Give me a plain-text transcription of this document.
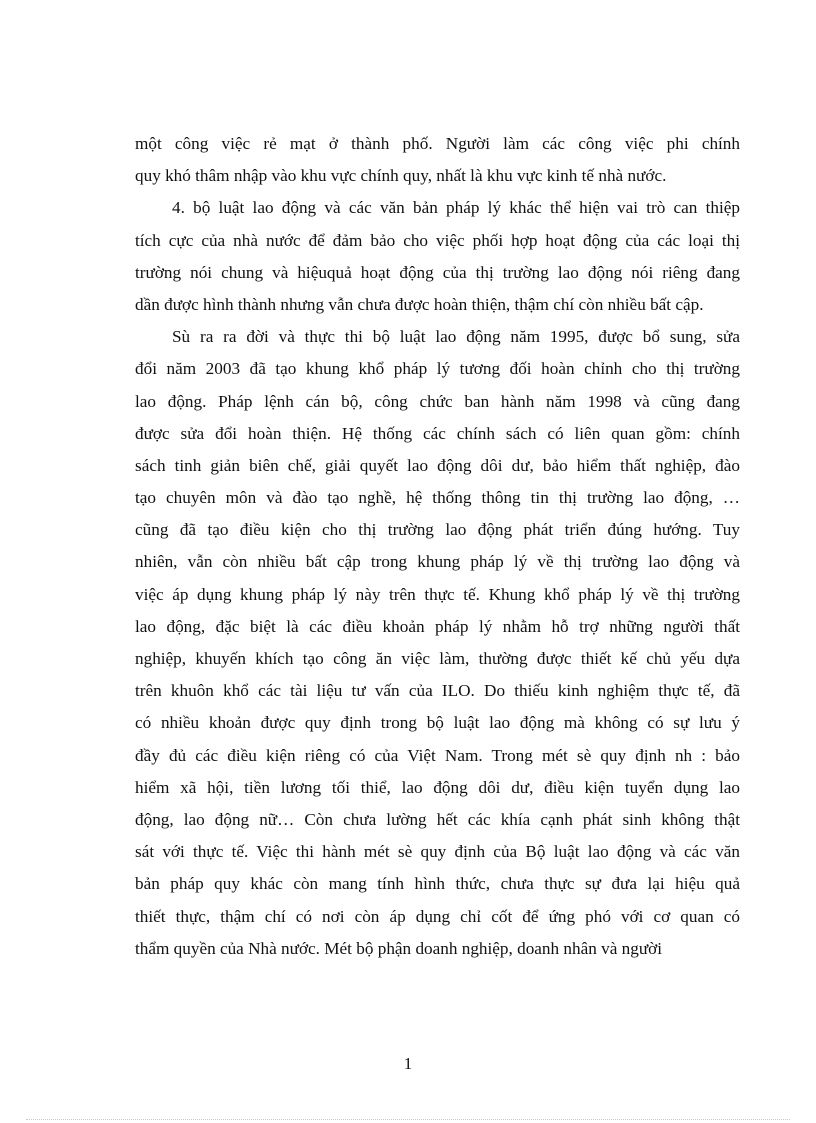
một công việc rẻ mạt ở thành phố. Người làm các công việc phi chính
quy khó thâm nhập vào khu vực chính quy, nhất là khu vực kinh tế nhà nước.
4. bộ luật lao động và các văn bản pháp lý khác thể hiện vai trò can thiệp
tích cực của nhà nước để đảm bảo cho việc phối hợp hoạt động của các loại thị
trường nói chung và hiệuquả hoạt động của thị trường lao động nói riêng đang
dần được hình thành nhưng vẫn chưa được hoàn thiện, thậm chí còn nhiều bất cập.
Sù ra ra đời và thực thi bộ luật lao động năm 1995, được bổ sung, sửa
đổi năm 2003 đã tạo khung khổ pháp lý tương đối hoàn chỉnh cho thị trường
lao động. Pháp lệnh cán bộ, công chức ban hành năm 1998 và cũng đang
được sửa đổi hoàn thiện. Hệ thống các chính sách có liên quan gồm: chính
sách tinh giản biên chế, giải quyết lao động dôi dư, bảo hiểm thất nghiệp, đào
tạo chuyên môn và đào tạo nghề, hệ thống thông tin thị trường lao động, …
cũng đã tạo điều kiện cho thị trường lao động phát triển đúng hướng. Tuy
nhiên, vẫn còn nhiều bất cập trong khung pháp lý về thị trường lao động và
việc áp dụng khung pháp lý này trên thực tế. Khung khổ pháp lý về thị trường
lao động, đặc biệt là các điều khoản pháp lý nhằm hỗ trợ những người thất
nghiệp, khuyến khích tạo công ăn việc làm, thường được thiết kế chủ yếu dựa
trên khuôn khổ các tài liệu tư vấn của ILO. Do thiếu kinh nghiệm thực tế, đã
có nhiều khoản được quy định trong bộ luật lao động mà không có sự lưu ý
đầy đủ các điều kiện riêng có của Việt Nam. Trong mét sè quy định nh : bảo
hiểm xã hội, tiền lương tối thiể, lao động dôi dư, điều kiện tuyển dụng lao
động, lao động nữ… Còn chưa lường hết các khía cạnh phát sinh không thật
sát với thực tế. Việc thi hành mét sè quy định của Bộ luật lao động và các văn
bản pháp quy khác còn mang tính hình thức, chưa thực sự đưa lại hiệu quả
thiết thực, thậm chí có nơi còn áp dụng chỉ cốt để ứng phó với cơ quan có
thẩm quyền của Nhà nước. Mét bộ phận doanh nghiệp, doanh nhân và người
1
